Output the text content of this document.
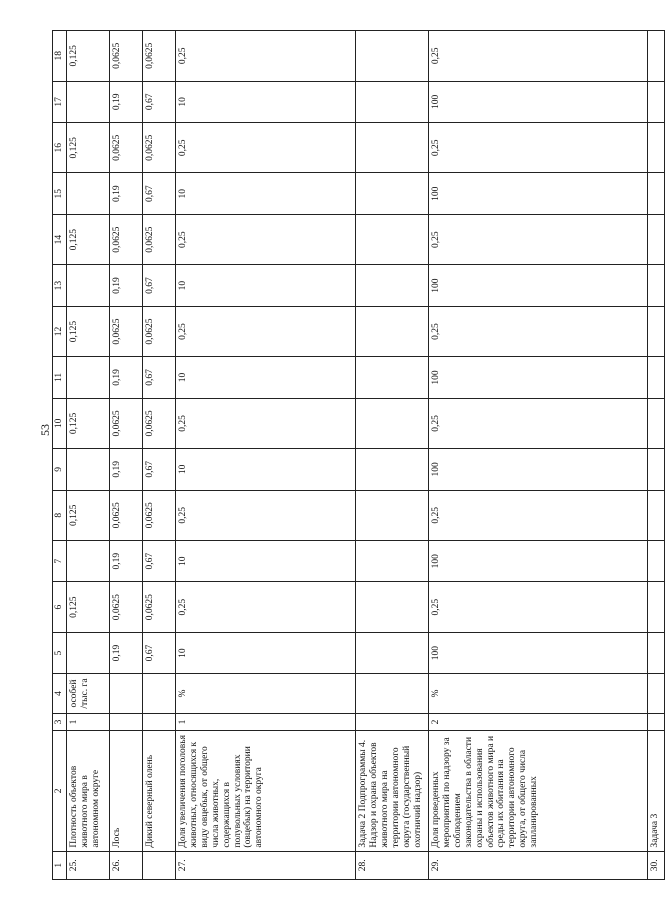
53
1	2	3	4	5	6	7	8	9	10	11	12	13	14	15	16	17	18
25.	Плотность объектов животного мира в автономном округе	1	особей /тыс. га		0,125		0,125		0,125		0,125		0,125		0,125		0,125
26.	Лось			0,19	0,0625	0,19	0,0625	0,19	0,0625	0,19	0,0625	0,19	0,0625	0,19	0,0625	0,19	0,0625
	Дикий северный олень			0,67	0,0625	0,67	0,0625	0,67	0,0625	0,67	0,0625	0,67	0,0625	0,67	0,0625	0,67	0,0625
27.	Доля увеличения поголовья животных, относящихся к виду овцебык, от общего числа животных, содержащихся в полувольных условиях (овцебык) на территории автономного округа	1	%	10	0,25	10	0,25	10	0,25	10	0,25	10	0,25	10	0,25	10	0,25
28.	Задача 2 Подпрограммы 4. Надзор и охрана объектов животного мира на территории автономного округа (государственный охотничий надзор)																
29.	Доля проведенных мероприятий по надзору за соблюдением законодательства в области охраны и использования объектов животного мира и среды их обитания на территории автономного округа, от общего числа запланированных	2	%	100	0,25	100	0,25	100	0,25	100	0,25	100	0,25	100	0,25	100	0,25
30.	Задача 3																
